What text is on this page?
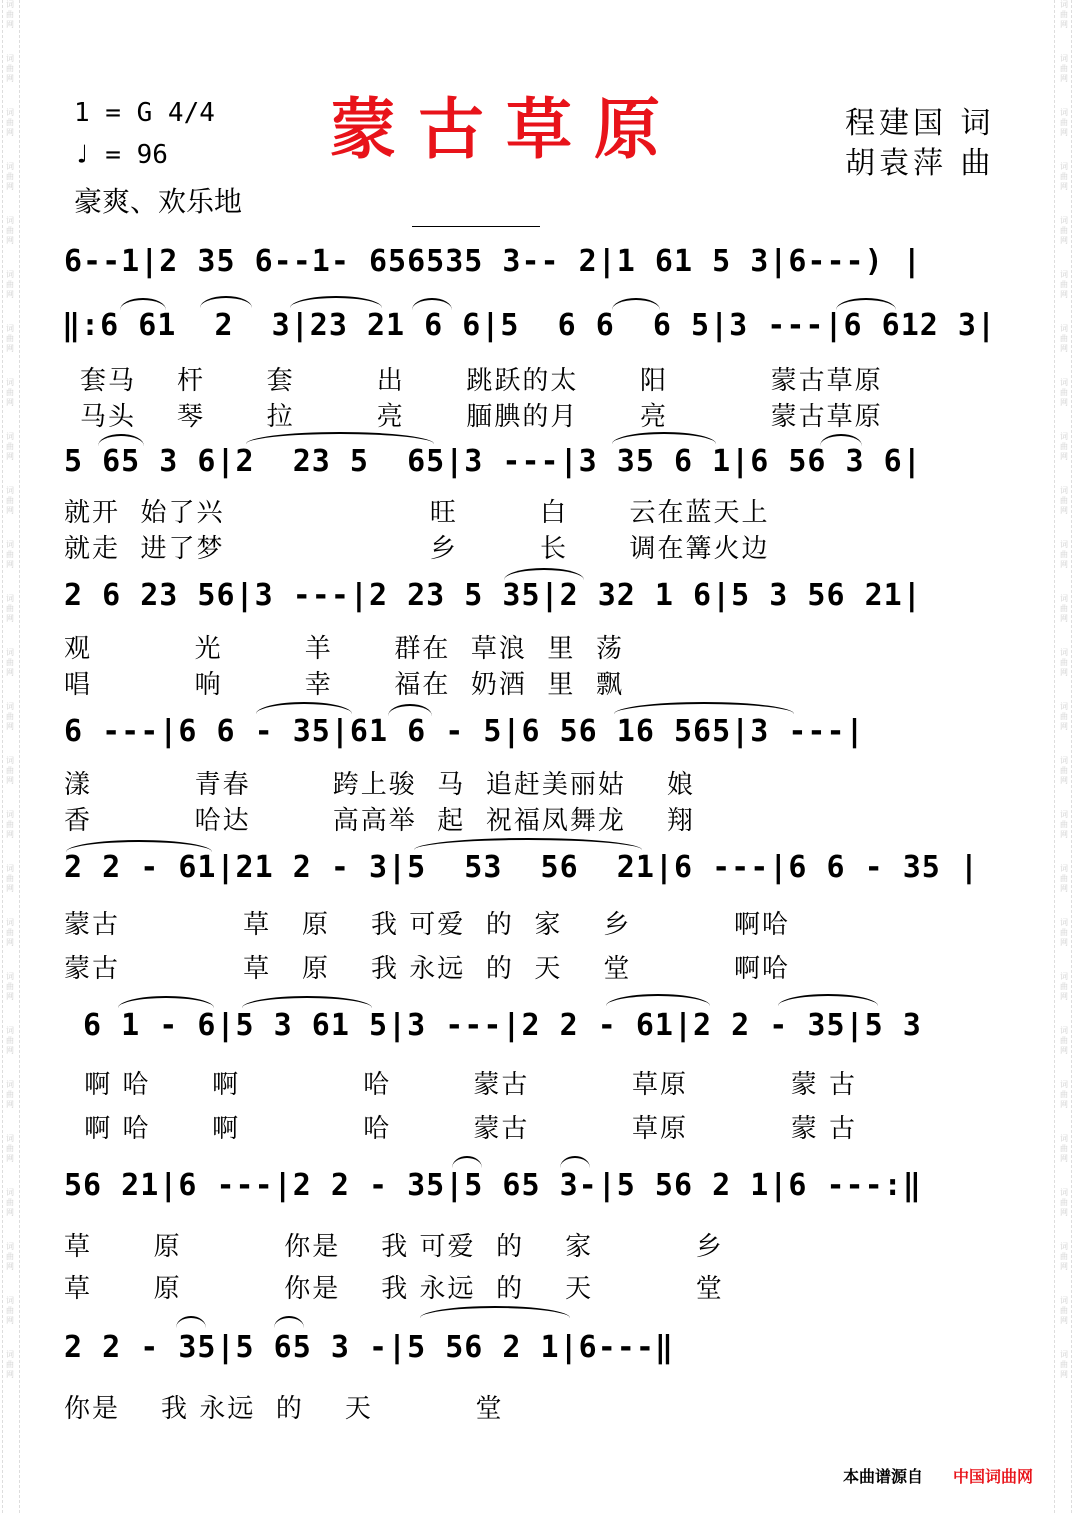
词
曲
网
词
曲
网
词
曲
网
词
曲
网
词
曲
网
词
曲
网
词
曲
网
词
曲
网
词
曲
网
词
曲
网
词
曲
网
词
曲
网
词
曲
网
词
曲
网
词
曲
网
词
曲
网
词
曲
网
词
曲
网
词
曲
网
词
曲
网
词
曲
网
词
曲
网
词
曲
网
词
曲
网
词
曲
网
词
曲
网
词
曲
网
词
曲
网
词
曲
网
词
曲
网
词
曲
网
词
曲
网
词
曲
网
词
曲
网
词
曲
网
词
曲
网
词
曲
网
词
曲
网
词
曲
网
词
曲
网
词
曲
网
词
曲
网
词
曲
网
词
曲
网
词
曲
网
词
曲
网
词
曲
网
词
曲
网
词
曲
网
词
曲
网
词
曲
网
词
曲
网
1 = G 4/4
♩ = 96
豪爽、欢乐地
蒙古草原	程建国 词
胡袁萍 曲
6--1|2 35 6--1- 656535 3-- 2|1 61 5 3|6---) |
‖:6 61  2  3|23 21 6 6|5  6 6  6 5|3 ---|6 612 3|
套马    杆      套        出      跳跃的太      阳          蒙古草原
马头    琴      拉        亮      腼腆的月      亮          蒙古草原
5 65 3 6|2  23 5  65|3 ---|3 35 6 1|6 56 3 6|
就开  始了兴                    旺        白      云在蓝天上
就走  进了梦                    乡        长      调在篝火边
2 6 23 56|3 ---|2 23 5 35|2 32 1 6|5 3 56 21|
观          光        羊      群在  草浪  里  荡
唱          响        幸      福在  奶酒  里  飘
6 ---|6 6 - 35|61 6 - 5|6 56 16 565|3 ---|
漾          青春        跨上骏  马  追赶美丽姑    娘
香          哈达        高高举  起  祝福凤舞龙    翔
2 2 - 61|21 2 - 3|5  53  56  21|6 ---|6 6 - 35 |
蒙古            草   原    我 可爱  的  家    乡          啊哈
蒙古            草   原    我 永远  的  天    堂          啊哈
6 1 - 6|5 3 61 5|3 ---|2 2 - 61|2 2 - 35|5 3
啊 哈      啊            哈        蒙古          草原          蒙 古
啊 哈      啊            哈        蒙古          草原          蒙 古
56 21|6 ---|2 2 - 35|5 65 3-|5 56 2 1|6 ---:‖
草      原          你是    我 可爱  的    家          乡
草      原          你是    我 永远  的    天          堂
2 2 - 35|5 65 3 -|5 56 2 1|6---‖
你是    我 永远  的    天          堂
本曲谱源自 中国词曲网
